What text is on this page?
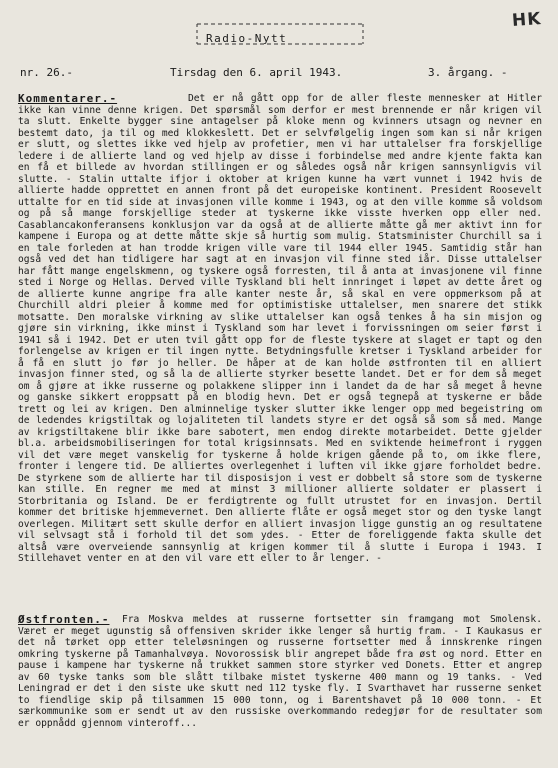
HK
Radio-Nytt
nr. 26.-	Tirsdag den 6. april 1943.	3. årgang. -
Kommentarer.-	Det er nå gått opp for de aller fleste mennesker at Hitler ikke kan vinne denne krigen. Det spørsmål som derfor er mest brennende er når krigen vil ta slutt. Enkelte bygger sine antagelser på kloke menn og kvinners utsagn og nevner en bestemt dato, ja til og med klokkeslett. Det er selvfølgelig ingen som kan si når krigen er slutt, og slettes ikke ved hjelp av profetier, men vi har uttalelser fra forskjellige ledere i de allierte land og ved hjelp av disse i forbindelse med andre kjente fakta kan en få et billede av hvordan stillingen er og således også når krigen sannsynligvis vil slutte. - Stalin uttalte ifjor i oktober at krigen kunne ha vært vunnet i 1942 hvis de allierte hadde opprettet en annen front på det europeiske kontinent. President Roosevelt uttalte for en tid side at invasjonen ville komme i 1943, og at den ville komme så voldsom og på så mange forskjellige steder at tyskerne ikke visste hverken opp eller ned. Casablancakonferansens konklusjon var da også at de allierte måtte gå mer aktivt inn for kampene i Europa og at dette måtte skje så hurtig som mulig. Statsminister Churchill sa i en tale forleden at han trodde krigen ville vare til 1944 eller 1945. Samtidig står han også ved det han tidligere har sagt at en invasjon vil finne sted iår. Disse uttalelser har fått mange engelskmenn, og tyskere også forresten, til å anta at invasjonene vil finne sted i Norge og Hellas. Derved ville Tyskland bli helt innringet i løpet av dette året og de allierte kunne angripe fra alle kanter neste år, så skal en vere oppmerksom på at Churchill aldri pleier å komme med for optimistiske uttalelser, men snarere det stikk motsatte. Den moralske virkning av slike uttalelser kan også tenkes å ha sin misjon og gjøre sin virkning, ikke minst i Tyskland som har levet i forvissningen om seier først i 1941 så i 1942. Det er uten tvil gått opp for de fleste tyskere at slaget er tapt og den forlengelse av krigen er til ingen nytte. Betydningsfulle kretser i Tyskland arbeider for å få en slutt jo før jo heller. De håper at de kan holde østfronten til en alliert invasjon finner sted, og så la de allierte styrker besette landet. Det er for dem så meget om å gjøre at ikke russerne og polakkene slipper inn i landet da de har så meget å hevne og ganske sikkert eroppsatt på en blodig hevn. Det er også tegnepå at tyskerne er både trett og lei av krigen. Den alminnelige tysker slutter ikke lenger opp med begeistring om de ledendes krigstiltak og lojaliteten til landets styre er det også så som så med. Mange av krigstiltakene blir ikke bare sabotert, men endog direkte motarbeidet. Dette gjelder bl.a. arbeidsmobiliseringen for total krigsinnsats. Med en sviktende heimefront i ryggen vil det være meget vanskelig for tyskerne å holde krigen gående på to, om ikke flere, fronter i lengere tid. De alliertes overlegenhet i luften vil ikke gjøre forholdet bedre. De styrkene som de allierte har til disposisjon i vest er dobbelt så store som de tyskerne kan stille. En regner me med at minst 3 millioner allierte soldater er plassert i Storbritania og Island. De er ferdigtrente og fullt utrustet for en invasjon. Dertil kommer det britiske hjemmevernet. Den allierte flåte er også meget stor og den tyske langt overlegen. Militært sett skulle derfor en alliert invasjon ligge gunstig an og resultatene vil selvsagt stå i forhold til det som ydes. - Etter de foreliggende fakta skulle det altså være overveiende sannsynlig at krigen kommer til å slutte i Europa i 1943. I Stillehavet venter en at den vil vare ett eller to år lenger. -
Østfronten.-	Fra Moskva meldes at russerne fortsetter sin framgang mot Smolensk. Været er meget ugunstig så offensiven skrider ikke lenger så hurtig fram. - I Kaukasus er det nå tørket opp etter teleløsningen og russerne fortsetter med å innskrenke ringen omkring tyskerne på Tamanhalvøya. Novorossisk blir angrepet både fra øst og nord. Etter en pause i kampene har tyskerne nå trukket sammen store styrker ved Donets. Etter et angrep av 60 tyske tanks som ble slått tilbake mistet tyskerne 400 mann og 19 tanks. - Ved Leningrad er det i den siste uke skutt ned 112 tyske fly. I Svarthavet har russerne senket to fiendlige skip på tilsammen 15 000 tonn, og i Barentshavet på 10 000 tonn. - Et særkommunike som er sendt ut av den russiske overkommando redegjør for de resultater som er oppnådd gjennom vinteroff...
